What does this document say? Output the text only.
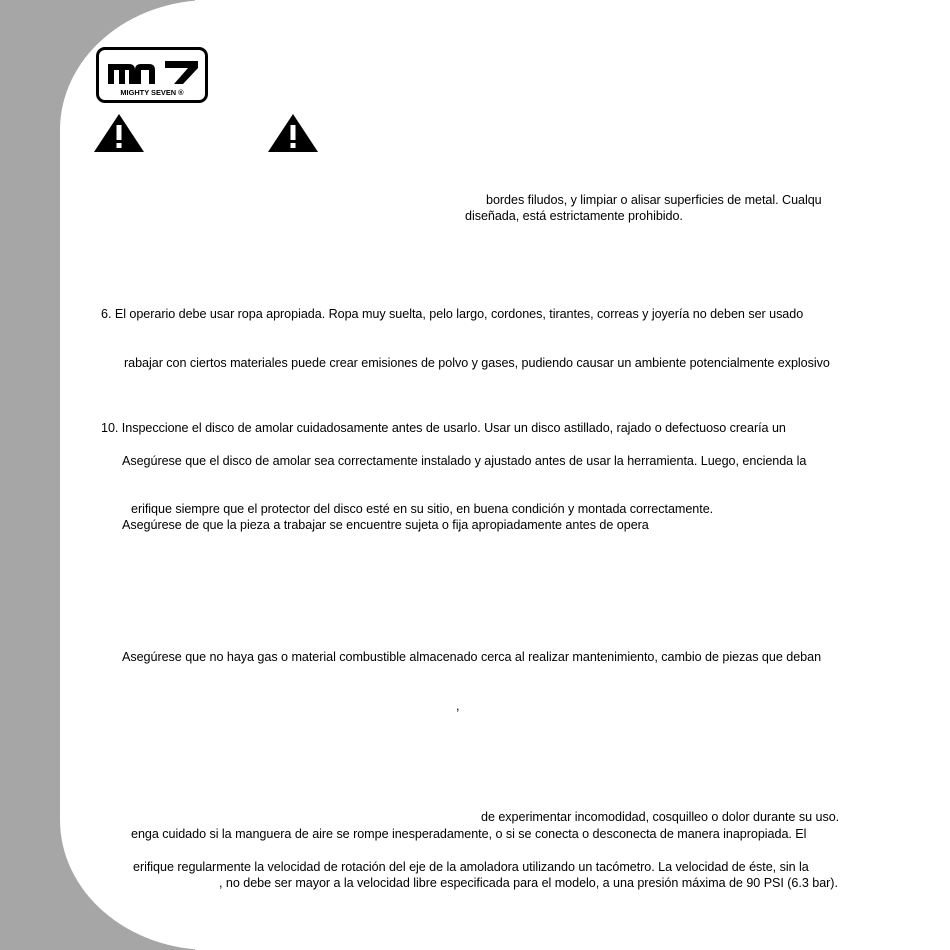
MIGHTY SEVEN ®
bordes filudos, y limpiar o alisar superficies de metal. Cualqu
diseñada, está estrictamente prohibido.
6. El operario debe usar ropa apropiada. Ropa muy suelta, pelo largo, cordones, tirantes, correas y joyería no deben ser usado
rabajar con ciertos materiales puede crear emisiones de polvo y gases, pudiendo causar un ambiente potencialmente explosivo
10. Inspeccione el disco de amolar cuidadosamente antes de usarlo. Usar un disco astillado, rajado o defectuoso crearía un
Asegúrese que el disco de amolar sea correctamente instalado y ajustado antes de usar la herramienta. Luego, encienda la
erifique siempre que el protector del disco esté en su sitio, en buena condición y montada correctamente.
Asegúrese de que la pieza a trabajar se encuentre sujeta o fija apropiadamente antes de opera
Asegúrese que no haya gas o material combustible almacenado cerca al realizar mantenimiento, cambio de piezas que deban
,
de experimentar incomodidad, cosquilleo o dolor durante su uso.
enga cuidado si la manguera de aire se rompe inesperadamente, o si se conecta o desconecta de manera inapropiada. El
erifique regularmente la velocidad de rotación del eje de la amoladora utilizando un tacómetro. La velocidad de éste, sin la
, no debe ser mayor a la velocidad libre especificada para el modelo, a una presión máxima de 90 PSI (6.3 bar).
